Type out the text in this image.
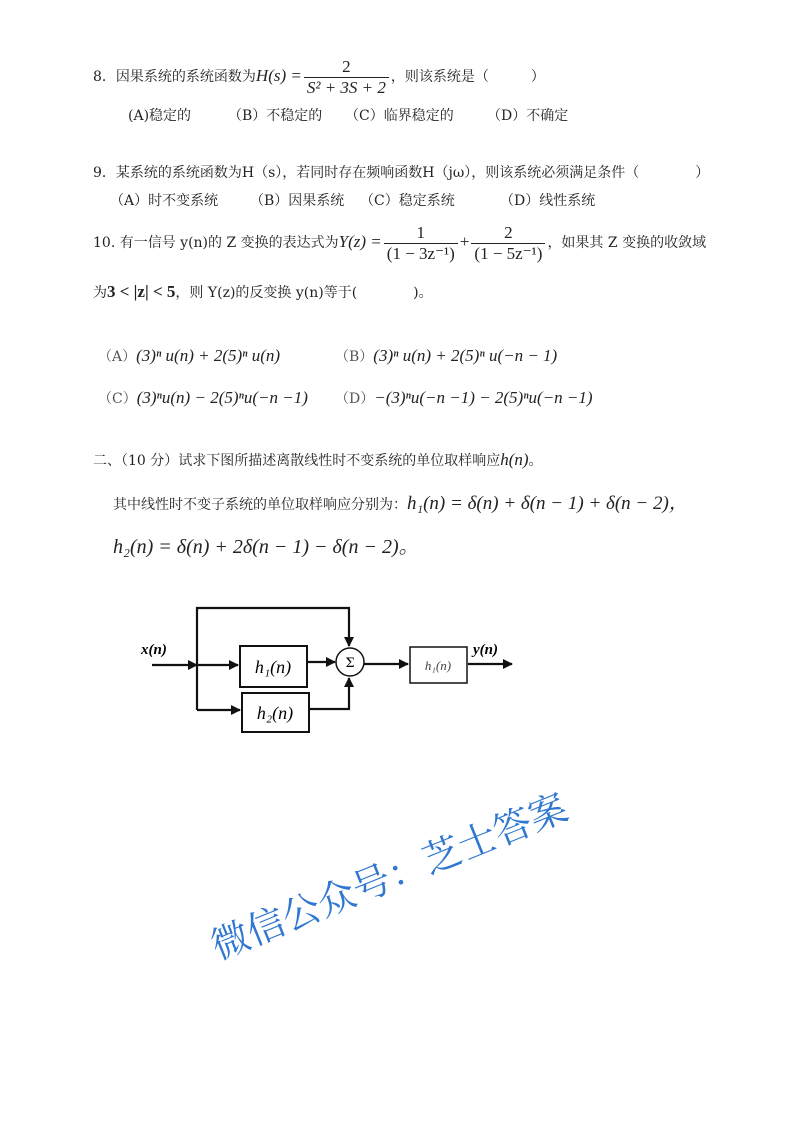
8．因果系统的系统函数为$H(s) = \frac{2}{\text{S² + 3S + 2}}$ ，则该系统是（　　　）
(A)稳定的	（B）不稳定的 （C）临界稳定的 （D）不确定
9．某系统的系统函数为H（s），若同时存在频响函数H（jω），则该系统必须满足条件（　　　　）
（A）时不变系统 （B）因果系统 （C）稳定系统	（D）线性系统
10. 有一信号 y(n)的 Z 变换的表达式为$Y(z) = \frac{1}{\text{(1 − 3z⁻¹)}} + \frac{2}{\text{(1 − 5z⁻¹)}}$ ，如果其 Z 变换的收敛域
为3 < |z| < 5，则 Y(z)的反变换 y(n)等于(　　　　)。
（A）(3)ⁿ u(n) + 2(5)ⁿ u(n)	（B）(3)ⁿ u(n) + 2(5)ⁿ u(−n − 1)
（C）(3)ⁿu(n) − 2(5)ⁿu(−n −1) （D）−(3)ⁿu(−n −1) − 2(5)ⁿu(−n −1)
二、（10 分）试求下图所描述离散线性时不变系统的单位取样响应h(n)。
其中线性时不变子系统的单位取样响应分别为：h₁(n) = δ(n) + δ(n − 1) + δ(n − 2)，
h₂(n) = δ(n) + 2δ(n − 1) − δ(n − 2)。
x(n)
h₁(n)
h₂(n)
Σ	h₁(n)
y(n)
微信公众号：芝士答案
